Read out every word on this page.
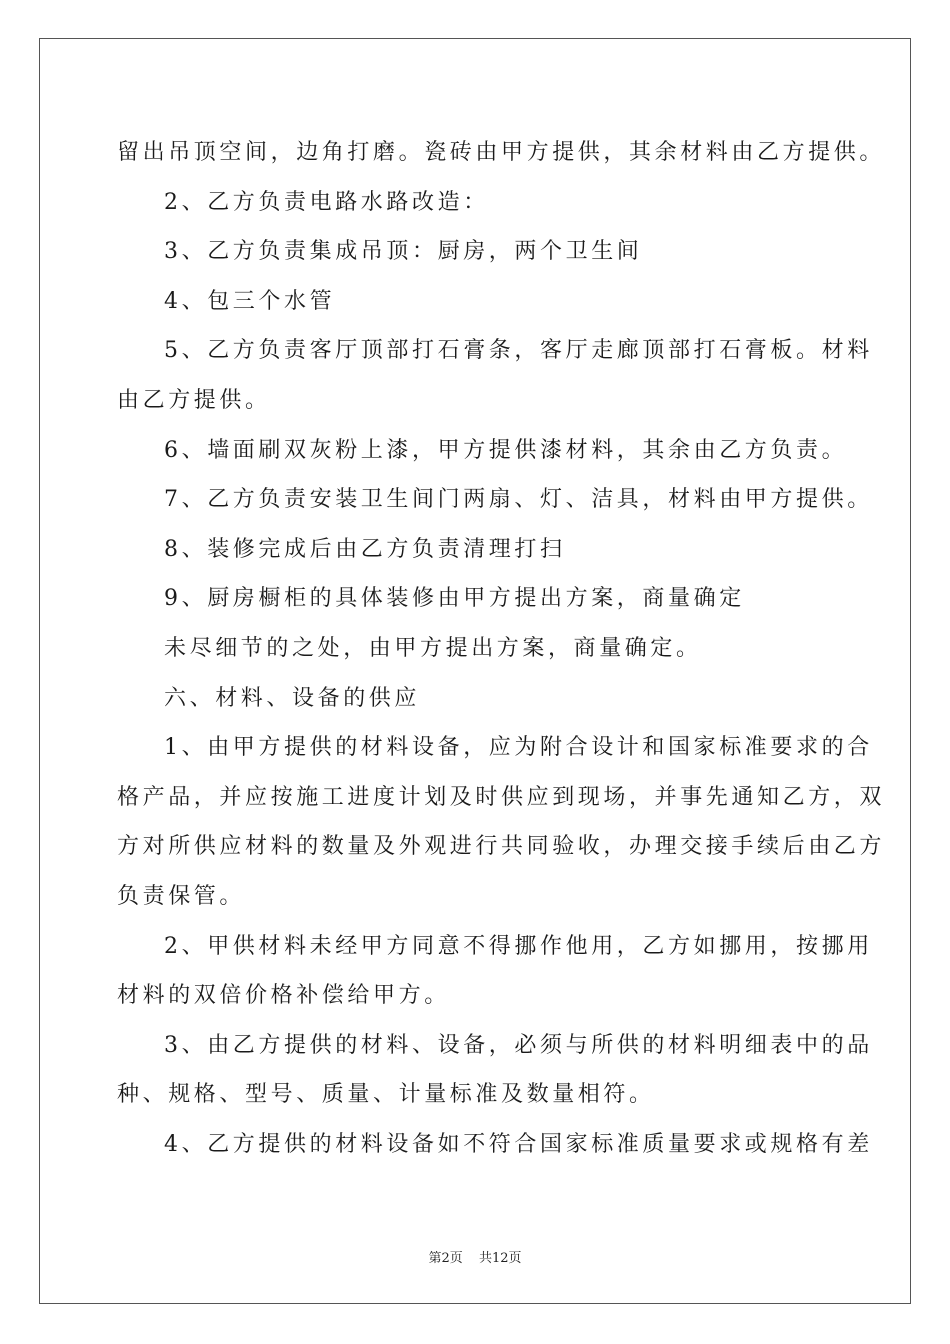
留出吊顶空间，边角打磨。瓷砖由甲方提供，其余材料由乙方提供。
2、乙方负责电路水路改造：
3、乙方负责集成吊顶：厨房，两个卫生间
4、包三个水管
5、乙方负责客厅顶部打石膏条，客厅走廊顶部打石膏板。材料
由乙方提供。
6、墙面刷双灰粉上漆，甲方提供漆材料，其余由乙方负责。
7、乙方负责安装卫生间门两扇、灯、洁具，材料由甲方提供。
8、装修完成后由乙方负责清理打扫
9、厨房橱柜的具体装修由甲方提出方案，商量确定
未尽细节的之处，由甲方提出方案，商量确定。
六、材料、设备的供应
1、由甲方提供的材料设备，应为附合设计和国家标准要求的合
格产品，并应按施工进度计划及时供应到现场，并事先通知乙方，双
方对所供应材料的数量及外观进行共同验收，办理交接手续后由乙方
负责保管。
2、甲供材料未经甲方同意不得挪作他用，乙方如挪用，按挪用
材料的双倍价格补偿给甲方。
3、由乙方提供的材料、设备，必须与所供的材料明细表中的品
种、规格、型号、质量、计量标准及数量相符。
4、乙方提供的材料设备如不符合国家标准质量要求或规格有差
第2页 共12页
